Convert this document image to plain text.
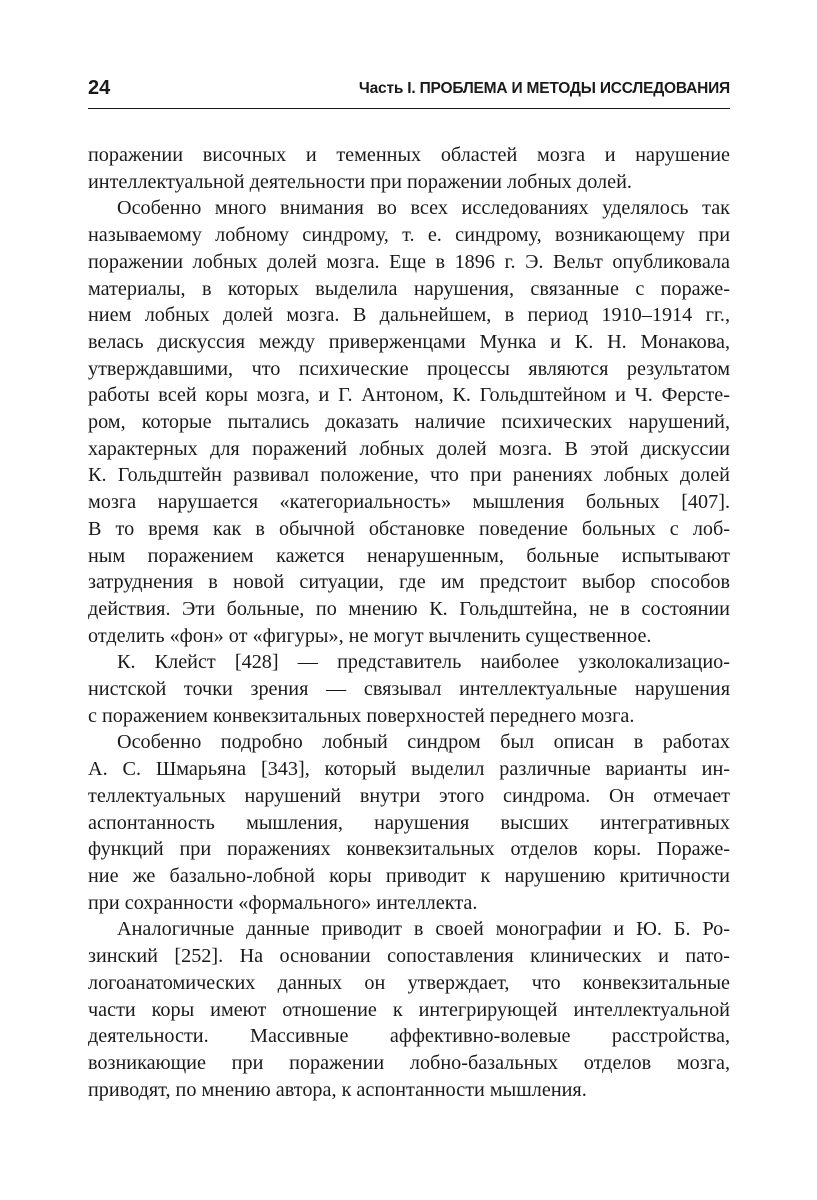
24	Часть I. ПРОБЛЕМА И МЕТОДЫ ИССЛЕДОВАНИЯ

поражении височных и теменных областей мозга и нарушение

интеллектуальной деятельности при поражении лобных долей.

Особенно много внимания во всех исследованиях уделялось так

называемому лобному синдрому, т. е. синдрому, возникающему при

поражении лобных долей мозга. Еще в 1896 г. Э. Вельт опубликовала

материалы, в которых выделила нарушения, связанные с пораже-

нием лобных долей мозга. В дальнейшем, в период 1910–1914 гг.,

велась дискуссия между приверженцами Мунка и К. Н. Монакова,

утверждавшими, что психические процессы являются результатом

работы всей коры мозга, и Г. Антоном, К. Гольдштейном и Ч. Ферсте-

ром, которые пытались доказать наличие психических нарушений,

характерных для поражений лобных долей мозга. В этой дискуссии

К. Гольдштейн развивал положение, что при ранениях лобных долей

мозга нарушается «категориальность» мышления больных [407].

В то время как в обычной обстановке поведение больных с лоб-

ным поражением кажется ненарушенным, больные испытывают

затруднения в новой ситуации, где им предстоит выбор способов

действия. Эти больные, по мнению К. Гольдштейна, не в состоянии

отделить «фон» от «фигуры», не могут вычленить существенное.

К. Клейст [428] — представитель наиболее узколокализацио-

нистской точки зрения — связывал интеллектуальные нарушения

с поражением конвекзитальных поверхностей переднего мозга.

Особенно подробно лобный синдром был описан в работах

А. С. Шмарьяна [343], который выделил различные варианты ин-

теллектуальных нарушений внутри этого синдрома. Он отмечает

аспонтанность мышления, нарушения высших интегративных

функций при поражениях конвекзитальных отделов коры. Пораже-

ние же базально-лобной коры приводит к нарушению критичности

при сохранности «формального» интеллекта.

Аналогичные данные приводит в своей монографии и Ю. Б. Ро-

зинский [252]. На основании сопоставления клинических и пато-

логоанатомических данных он утверждает, что конвекзитальные

части коры имеют отношение к интегрирующей интеллектуальной

деятельности. Массивные аффективно-волевые расстройства,

возникающие при поражении лобно-базальных отделов мозга,

приводят, по мнению автора, к аспонтанности мышления.
